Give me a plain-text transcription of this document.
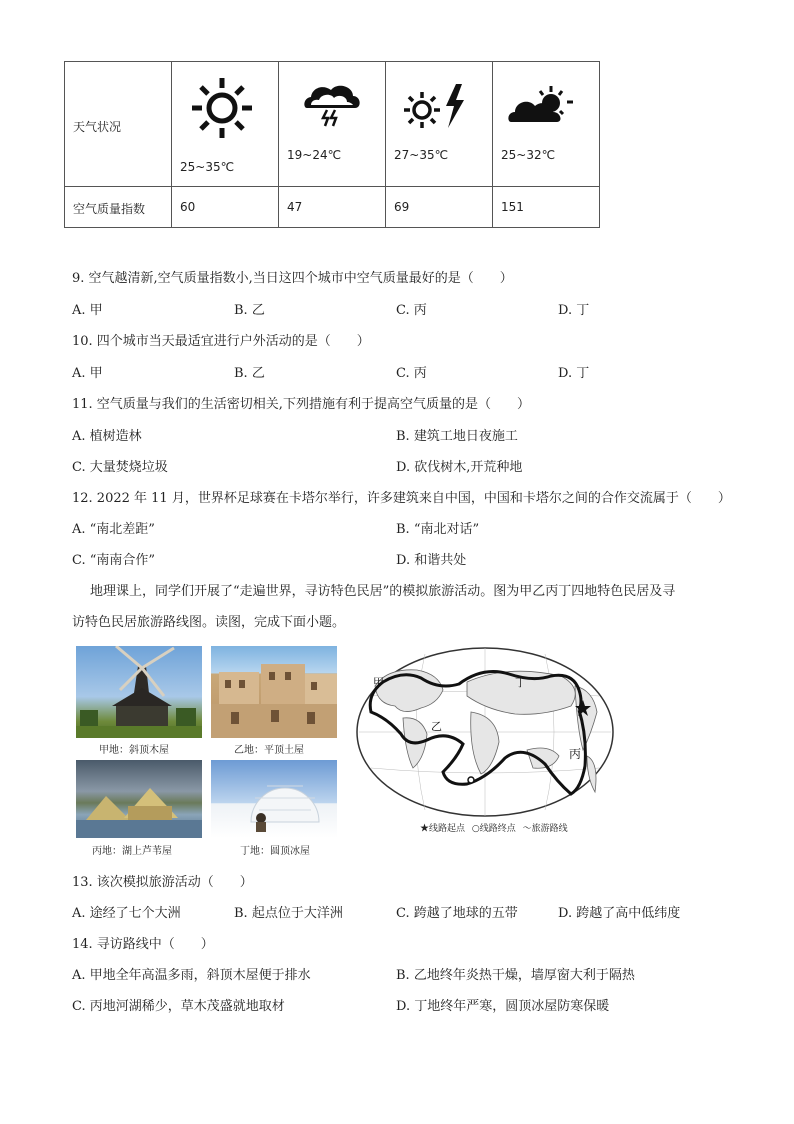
天气状况	25~35℃	19~24℃	27~35℃	25~32℃

空气质量指数	60	47	69	151
9. 空气越清新,空气质量指数小,当日这四个城市中空气质量最好的是（　　）
A. 甲	B. 乙	C. 丙	D. 丁
10. 四个城市当天最适宜进行户外活动的是（　　）
A. 甲	B. 乙	C. 丙	D. 丁
11. 空气质量与我们的生活密切相关,下列措施有利于提高空气质量的是（　　）
A. 植树造林	B. 建筑工地日夜施工
C. 大量焚烧垃圾	D. 砍伐树木,开荒种地
12. 2022 年 11 月，世界杯足球赛在卡塔尔举行，许多建筑来自中国，中国和卡塔尔之间的合作交流属于（　　）
A. “南北差距”	B. “南北对话”
C. “南南合作”	D. 和谐共处
地理课上，同学们开展了“走遍世界，寻访特色民居”的模拟旅游活动。图为甲乙丙丁四地特色民居及寻
访特色民居旅游路线图。读图，完成下面小题。
甲地：斜顶木屋	乙地：平顶土屋
丙地：湖上芦苇屋	丁地：圆顶冰屋
甲
乙
丙
丁
★线路起点 ○线路终点 〜旅游路线
13. 该次模拟旅游活动（　　）
A. 途经了七个大洲	B. 起点位于大洋洲	C. 跨越了地球的五带	D. 跨越了高中低纬度
14. 寻访路线中（　　）
A. 甲地全年高温多雨，斜顶木屋便于排水	B. 乙地终年炎热干燥，墙厚窗大利于隔热
C. 丙地河湖稀少，草木茂盛就地取材	D. 丁地终年严寒，圆顶冰屋防寒保暖
